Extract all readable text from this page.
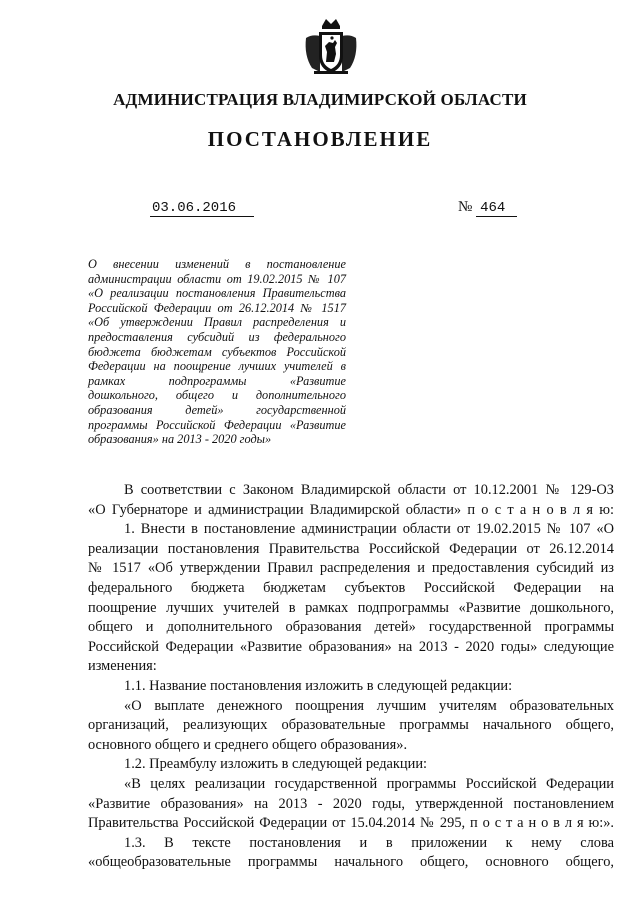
АДМИНИСТРАЦИЯ ВЛАДИМИРСКОЙ ОБЛАСТИ
ПОСТАНОВЛЕНИЕ
03.06.2016	№ 464
О внесении изменений в постановление
администрации области от 19.02.2015 № 107
«О реализации постановления Правительства
Российской Федерации от 26.12.2014 № 1517
«Об утверждении Правил распределения и
предоставления субсидий из федерального
бюджета бюджетам субъектов Российской
Федерации на поощрение лучших учителей в
рамках подпрограммы «Развитие
дошкольного, общего и дополнительного
образования детей» государственной
программы Российской Федерации «Развитие
образования» на 2013 - 2020 годы»
В соответствии с Законом Владимирской области от 10.12.2001 № 129-ОЗ
«О Губернаторе и администрации Владимирской области» п о с т а н о в л я ю:
1. Внести в постановление администрации области от 19.02.2015 № 107 «О
реализации постановления Правительства Российской Федерации от 26.12.2014
№ 1517 «Об утверждении Правил распределения и предоставления субсидий из
федерального бюджета бюджетам субъектов Российской Федерации на
поощрение лучших учителей в рамках подпрограммы «Развитие дошкольного,
общего и дополнительного образования детей» государственной программы
Российской Федерации «Развитие образования» на 2013 - 2020 годы» следующие
изменения:
1.1. Название постановления изложить в следующей редакции:
«О выплате денежного поощрения лучшим учителям образовательных
организаций, реализующих образовательные программы начального общего,
основного общего и среднего общего образования».
1.2. Преамбулу изложить в следующей редакции:
«В целях реализации государственной программы Российской Федерации
«Развитие образования» на 2013 - 2020 годы, утвержденной постановлением
Правительства Российской Федерации от 15.04.2014 № 295, п о с т а н о в л я ю:».
1.3. В тексте постановления и в приложении к нему слова
«общеобразовательные программы начального общего, основного общего,
